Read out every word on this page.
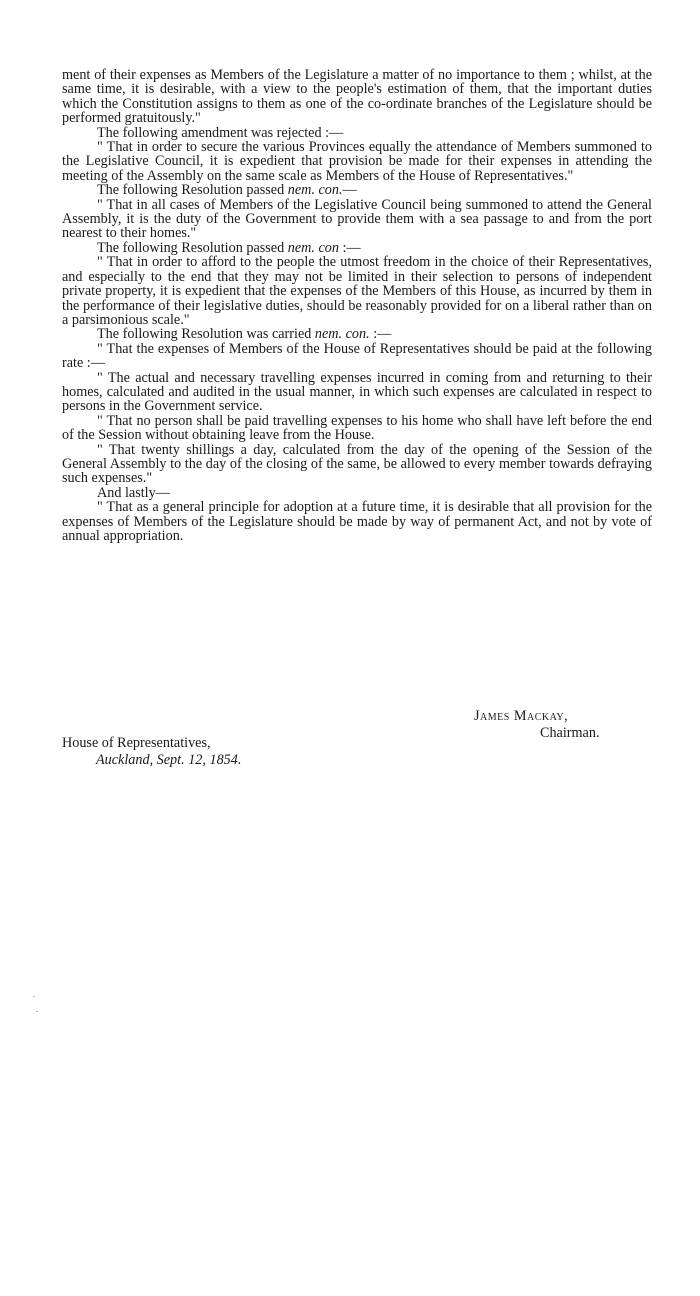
ment of their expenses as Members of the Legislature a matter of no importance to them ; whilst, at the same time, it is desirable, with a view to the people's estimation of them, that the important duties which the Constitution assigns to them as one of the co-ordinate branches of the Legislature should be performed gratuitously."

The following amendment was rejected :—

" That in order to secure the various Provinces equally the attendance of Members summoned to the Legislative Council, it is expedient that provision be made for their expenses in attending the meeting of the Assembly on the same scale as Members of the House of Representatives."

The following Resolution passed nem. con.—

" That in all cases of Members of the Legislative Council being summoned to attend the General Assembly, it is the duty of the Government to provide them with a sea passage to and from the port nearest to their homes."

The following Resolution passed nem. con :—

" That in order to afford to the people the utmost freedom in the choice of their Representatives, and especially to the end that they may not be limited in their selection to persons of independent private property, it is expedient that the expenses of the Members of this House, as incurred by them in the performance of their legislative duties, should be reasonably provided for on a liberal rather than on a parsimonious scale."

The following Resolution was carried nem. con. :—

" That the expenses of Members of the House of Representatives should be paid at the following rate :—

" The actual and necessary travelling expenses incurred in coming from and returning to their homes, calculated and audited in the usual manner, in which such expenses are calculated in respect to persons in the Government service.

" That no person shall be paid travelling expenses to his home who shall have left before the end of the Session without obtaining leave from the House.

" That twenty shillings a day, calculated from the day of the opening of the Session of the General Assembly to the day of the closing of the same, be allowed to every member towards defraying such expenses."

And lastly—

" That as a general principle for adoption at a future time, it is desirable that all provision for the expenses of Members of the Legislature should be made by way of permanent Act, and not by vote of annual appropriation.

James Mackay,
Chairman.
House of Representatives,
Auckland, Sept. 12, 1854.
